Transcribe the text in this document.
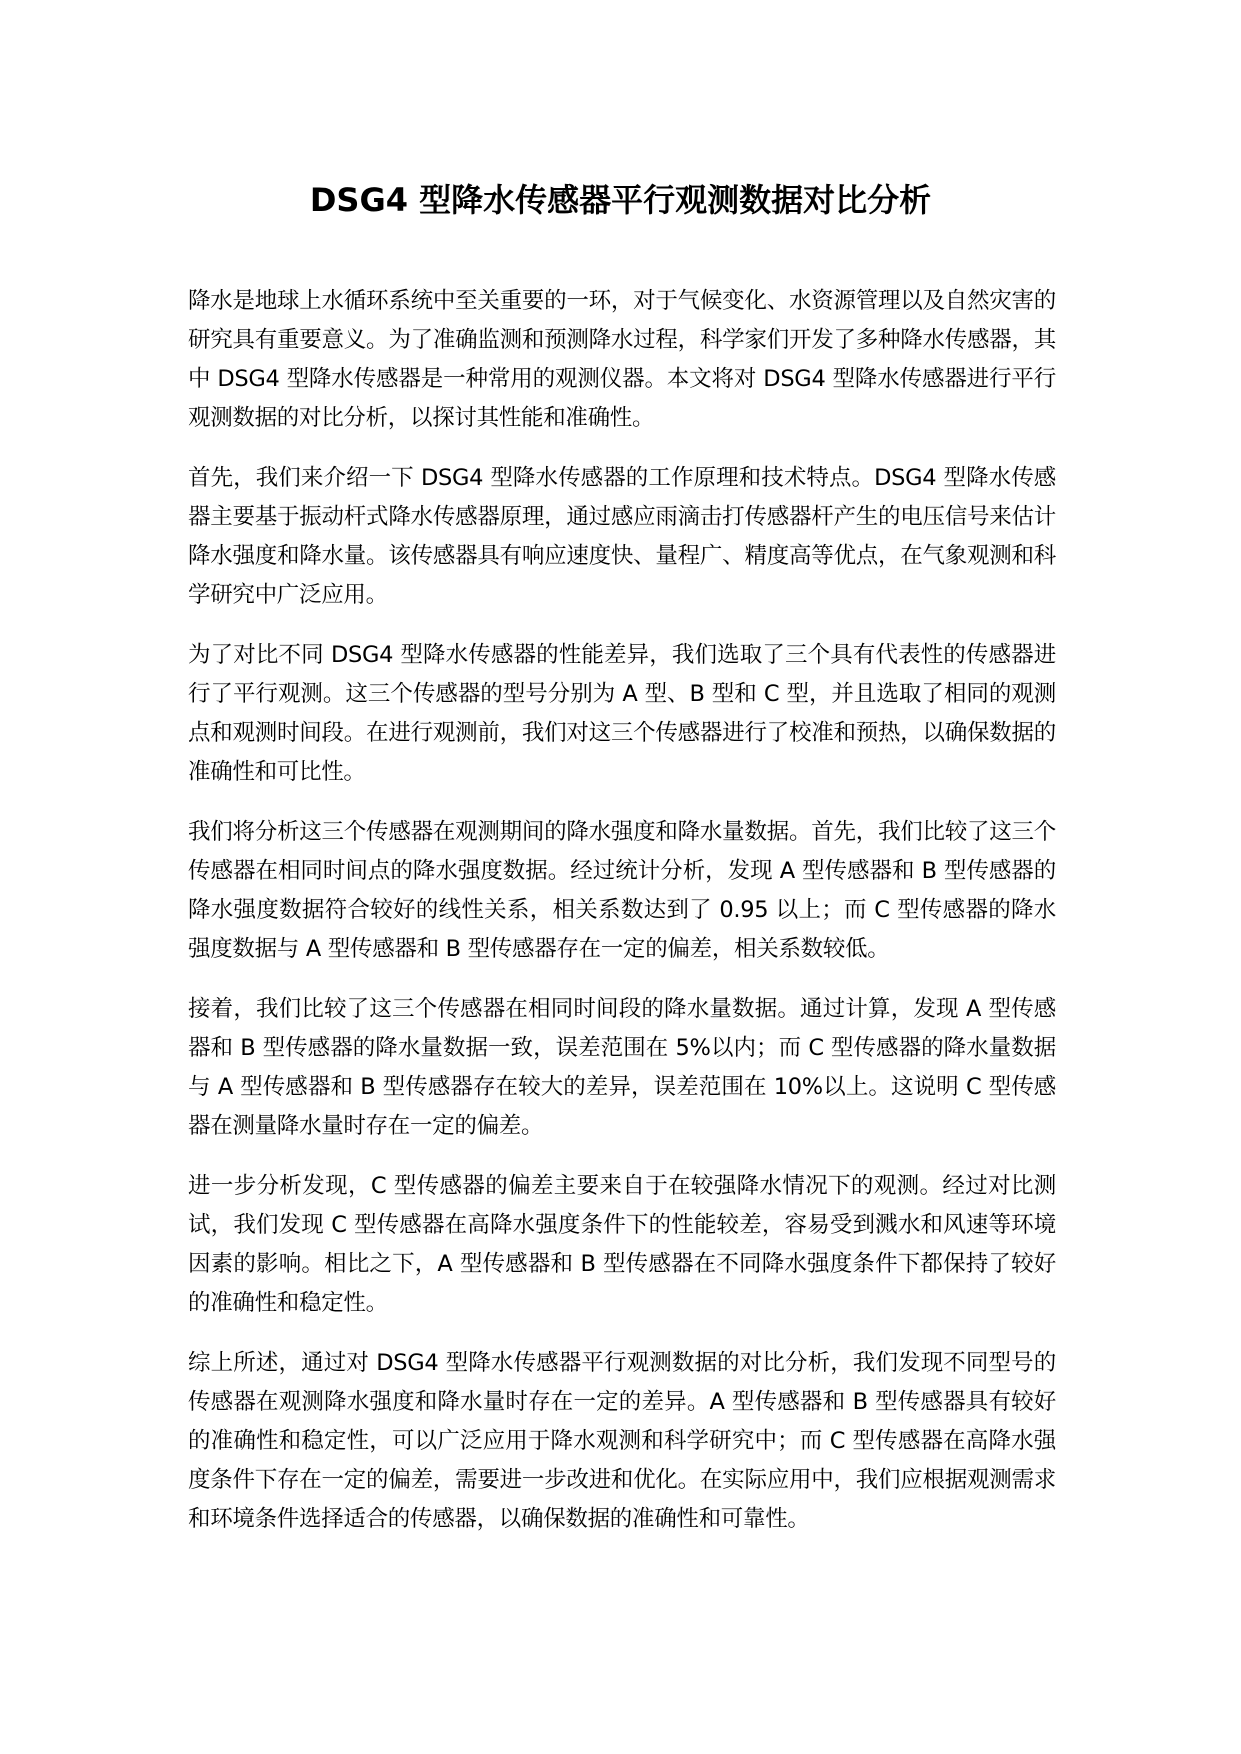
DSG4 型降水传感器平行观测数据对比分析

降水是地球上水循环系统中至关重要的一环，对于气候变化、水资源管理以及自然灾害的研究具有重要意义。为了准确监测和预测降水过程，科学家们开发了多种降水传感器，其中 DSG4 型降水传感器是一种常用的观测仪器。本文将对 DSG4 型降水传感器进行平行观测数据的对比分析，以探讨其性能和准确性。

首先，我们来介绍一下 DSG4 型降水传感器的工作原理和技术特点。DSG4 型降水传感器主要基于振动杆式降水传感器原理，通过感应雨滴击打传感器杆产生的电压信号来估计降水强度和降水量。该传感器具有响应速度快、量程广、精度高等优点，在气象观测和科学研究中广泛应用。

为了对比不同 DSG4 型降水传感器的性能差异，我们选取了三个具有代表性的传感器进行了平行观测。这三个传感器的型号分别为 A 型、B 型和 C 型，并且选取了相同的观测点和观测时间段。在进行观测前，我们对这三个传感器进行了校准和预热，以确保数据的准确性和可比性。

我们将分析这三个传感器在观测期间的降水强度和降水量数据。首先，我们比较了这三个传感器在相同时间点的降水强度数据。经过统计分析，发现 A 型传感器和 B 型传感器的降水强度数据符合较好的线性关系，相关系数达到了 0.95 以上；而 C 型传感器的降水强度数据与 A 型传感器和 B 型传感器存在一定的偏差，相关系数较低。

接着，我们比较了这三个传感器在相同时间段的降水量数据。通过计算，发现 A 型传感器和 B 型传感器的降水量数据一致，误差范围在 5%以内；而 C 型传感器的降水量数据与 A 型传感器和 B 型传感器存在较大的差异，误差范围在 10%以上。这说明 C 型传感器在测量降水量时存在一定的偏差。

进一步分析发现，C 型传感器的偏差主要来自于在较强降水情况下的观测。经过对比测试，我们发现 C 型传感器在高降水强度条件下的性能较差，容易受到溅水和风速等环境因素的影响。相比之下，A 型传感器和 B 型传感器在不同降水强度条件下都保持了较好的准确性和稳定性。

综上所述，通过对 DSG4 型降水传感器平行观测数据的对比分析，我们发现不同型号的传感器在观测降水强度和降水量时存在一定的差异。A 型传感器和 B 型传感器具有较好的准确性和稳定性，可以广泛应用于降水观测和科学研究中；而 C 型传感器在高降水强度条件下存在一定的偏差，需要进一步改进和优化。在实际应用中，我们应根据观测需求和环境条件选择适合的传感器，以确保数据的准确性和可靠性。
